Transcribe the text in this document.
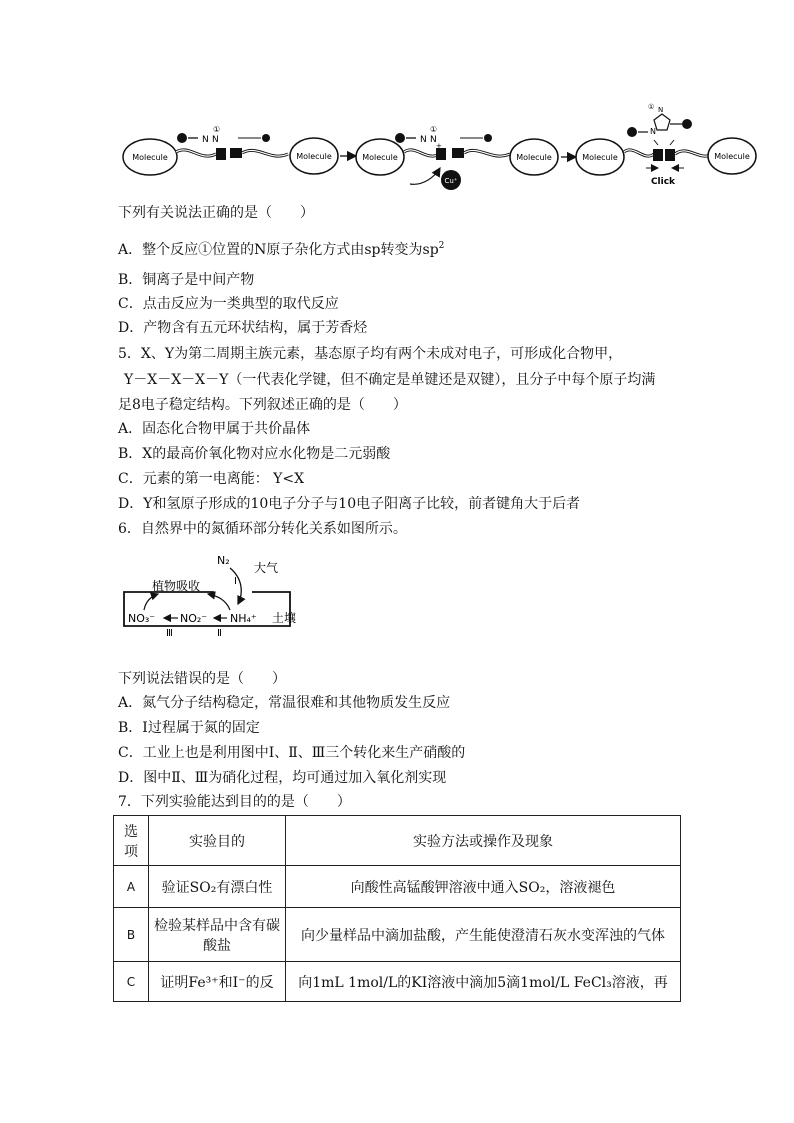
Molecule
N
①
N
Molecule	Molecule
N
①
N
+
Cu⁺
Molecule	Molecule
Click
N
N
①
Molecule
下列有关说法正确的是（　　）
A．整个反应①位置的N原子杂化方式由sp转变为$sp^2$
B．铜离子是中间产物
C．点击反应为一类典型的取代反应
D．产物含有五元环状结构，属于芳香烃
5．X、Y为第二周期主族元素，基态原子均有两个未成对电子，可形成化合物甲，
Y－X－X－X－Y（一代表化学键，但不确定是单键还是双键），且分子中每个原子均满
足8电子稳定结构。下列叙述正确的是（　　）
A．固态化合物甲属于共价晶体
B．X的最高价氧化物对应水化物是二元弱酸
C．元素的第一电离能： Y<X
D．Y和氢原子形成的10电子分子与10电子阳离子比较，前者键角大于后者
6．自然界中的氮循环部分转化关系如图所示。
N₂
大气
植物吸收	Ⅰ
土壤
NO₃⁻ NO₂⁻ NH₄⁺
Ⅲ	Ⅱ
下列说法错误的是（　　）
A．氮气分子结构稳定，常温很难和其他物质发生反应
B．Ⅰ过程属于氮的固定
C．工业上也是利用图中Ⅰ、Ⅱ、Ⅲ三个转化来生产硝酸的
D．图中Ⅱ、Ⅲ为硝化过程，均可通过加入氧化剂实现
7．下列实验能达到目的的是（　　）
选项	实验目的	实验方法或操作及现象
A	验证SO₂有漂白性	向酸性高锰酸钾溶液中通入SO₂，溶液褪色
B	检验某样品中含有碳酸盐	向少量样品中滴加盐酸，产生能使澄清石灰水变浑浊的气体
C	证明Fe³⁺和I⁻的反	向1mL 1mol/L的KI溶液中滴加5滴1mol/L FeCl₃溶液，再
